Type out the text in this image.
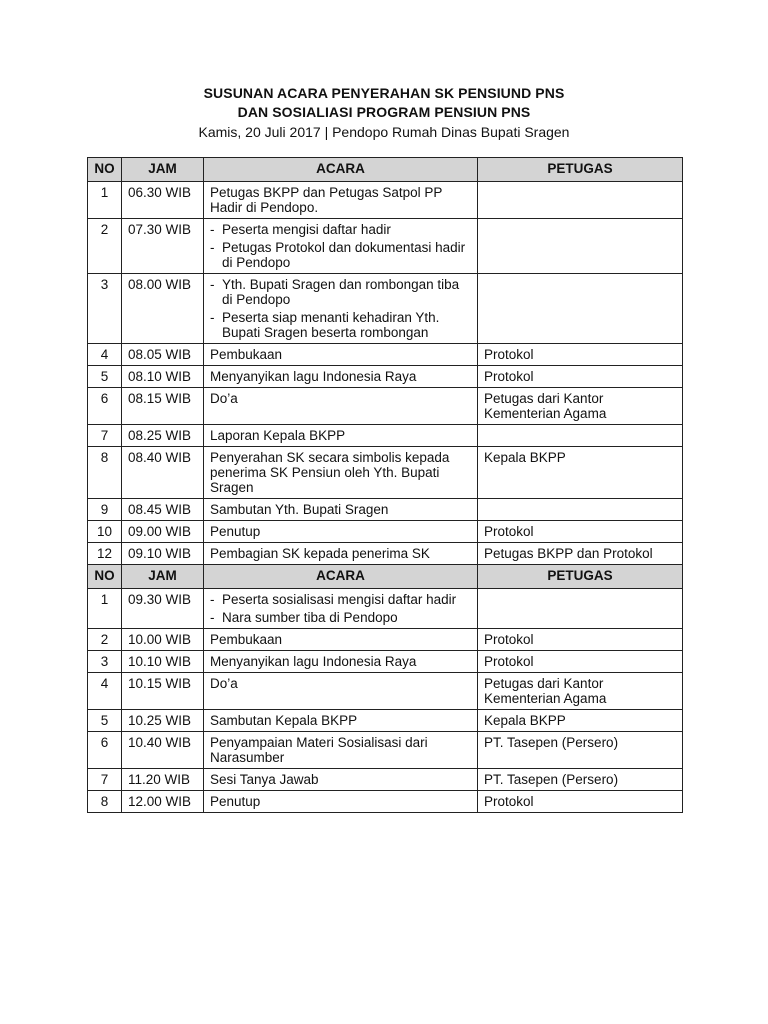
SUSUNAN ACARA PENYERAHAN SK PENSIUND PNS
DAN SOSIALIASI PROGRAM PENSIUN PNS
Kamis, 20 Juli 2017 | Pendopo Rumah Dinas Bupati Sragen
NO	JAM	ACARA	PETUGAS
1	06.30 WIB	Petugas BKPP dan Petugas Satpol PP Hadir di Pendopo.	

2	07.30 WIB	- Peserta mengisi daftar hadir
- Petugas Protokol dan dokumentasi hadir di Pendopo	

3	08.00 WIB	- Yth. Bupati Sragen dan rombongan tiba di Pendopo
- Peserta siap menanti kehadiran Yth. Bupati Sragen beserta rombongan	

4	08.05 WIB	Pembukaan	Protokol
5	08.10 WIB	Menyanyikan lagu Indonesia Raya	Protokol
6	08.15 WIB	Do’a	Petugas dari Kantor Kementerian Agama
7	08.25 WIB	Laporan Kepala BKPP	

8	08.40 WIB	Penyerahan SK secara simbolis kepada penerima SK Pensiun oleh Yth. Bupati Sragen	Kepala BKPP
9	08.45 WIB	Sambutan Yth. Bupati Sragen	

10	09.00 WIB	Penutup	Protokol
12	09.10 WIB	Pembagian SK kepada penerima SK	Petugas BKPP dan Protokol
NO	JAM	ACARA	PETUGAS
1	09.30 WIB	- Peserta sosialisasi mengisi daftar hadir
- Nara sumber tiba di Pendopo	

2	10.00 WIB	Pembukaan	Protokol
3	10.10 WIB	Menyanyikan lagu Indonesia Raya	Protokol
4	10.15 WIB	Do’a	Petugas dari Kantor Kementerian Agama
5	10.25 WIB	Sambutan Kepala BKPP	Kepala BKPP
6	10.40 WIB	Penyampaian Materi Sosialisasi dari Narasumber	PT. Tasepen (Persero)
7	11.20 WIB	Sesi Tanya Jawab	PT. Tasepen (Persero)
8	12.00 WIB	Penutup	Protokol
